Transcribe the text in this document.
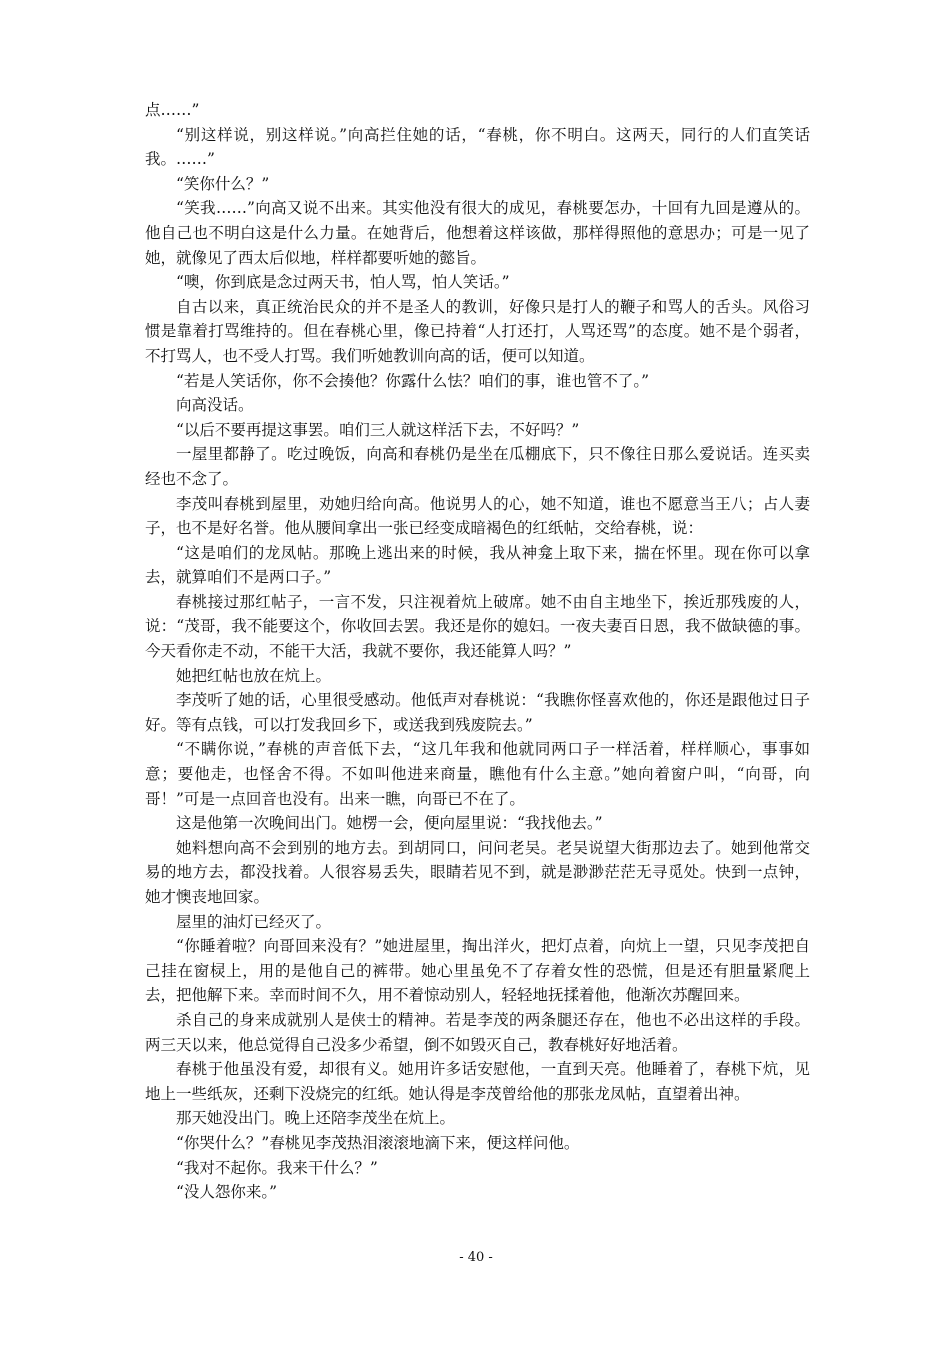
点……”

“别这样说，别这样说。”向高拦住她的话，“春桃，你不明白。这两天，同行的人们直笑话我。……”

“笑你什么？”

“笑我……”向高又说不出来。其实他没有很大的成见，春桃要怎办，十回有九回是遵从的。他自己也不明白这是什么力量。在她背后，他想着这样该做，那样得照他的意思办；可是一见了她，就像见了西太后似地，样样都要听她的懿旨。

“噢，你到底是念过两天书，怕人骂，怕人笑话。”

自古以来，真正统治民众的并不是圣人的教训，好像只是打人的鞭子和骂人的舌头。风俗习惯是靠着打骂维持的。但在春桃心里，像已持着“人打还打，人骂还骂”的态度。她不是个弱者，不打骂人，也不受人打骂。我们听她教训向高的话，便可以知道。

“若是人笑话你，你不会揍他？你露什么怯？咱们的事，谁也管不了。”

向高没话。

“以后不要再提这事罢。咱们三人就这样活下去，不好吗？”

一屋里都静了。吃过晚饭，向高和春桃仍是坐在瓜棚底下，只不像往日那么爱说话。连买卖经也不念了。

李茂叫春桃到屋里，劝她归给向高。他说男人的心，她不知道，谁也不愿意当王八；占人妻子，也不是好名誉。他从腰间拿出一张已经变成暗褐色的红纸帖，交给春桃，说：

“这是咱们的龙凤帖。那晚上逃出来的时候，我从神龛上取下来，揣在怀里。现在你可以拿去，就算咱们不是两口子。”

春桃接过那红帖子，一言不发，只注视着炕上破席。她不由自主地坐下，挨近那残废的人，说：“茂哥，我不能要这个，你收回去罢。我还是你的媳妇。一夜夫妻百日恩，我不做缺德的事。今天看你走不动，不能干大活，我就不要你，我还能算人吗？”

她把红帖也放在炕上。

李茂听了她的话，心里很受感动。他低声对春桃说：“我瞧你怪喜欢他的，你还是跟他过日子好。等有点钱，可以打发我回乡下，或送我到残废院去。”

“不瞒你说，”春桃的声音低下去，“这几年我和他就同两口子一样活着，样样顺心，事事如意；要他走，也怪舍不得。不如叫他进来商量，瞧他有什么主意。”她向着窗户叫，“向哥，向哥！”可是一点回音也没有。出来一瞧，向哥已不在了。

这是他第一次晚间出门。她楞一会，便向屋里说：“我找他去。”

她料想向高不会到别的地方去。到胡同口，问问老吴。老吴说望大街那边去了。她到他常交易的地方去，都没找着。人很容易丢失，眼睛若见不到，就是渺渺茫茫无寻觅处。快到一点钟，她才懊丧地回家。

屋里的油灯已经灭了。

“你睡着啦？向哥回来没有？”她进屋里，掏出洋火，把灯点着，向炕上一望，只见李茂把自己挂在窗棂上，用的是他自己的裤带。她心里虽免不了存着女性的恐慌，但是还有胆量紧爬上去，把他解下来。幸而时间不久，用不着惊动别人，轻轻地抚揉着他，他渐次苏醒回来。

杀自己的身来成就别人是侠士的精神。若是李茂的两条腿还存在，他也不必出这样的手段。两三天以来，他总觉得自己没多少希望，倒不如毁灭自己，教春桃好好地活着。

春桃于他虽没有爱，却很有义。她用许多话安慰他，一直到天亮。他睡着了，春桃下炕，见地上一些纸灰，还剩下没烧完的红纸。她认得是李茂曾给他的那张龙凤帖，直望着出神。

那天她没出门。晚上还陪李茂坐在炕上。

“你哭什么？”春桃见李茂热泪滚滚地滴下来，便这样问他。

“我对不起你。我来干什么？”

“没人怨你来。”

- 40 -
